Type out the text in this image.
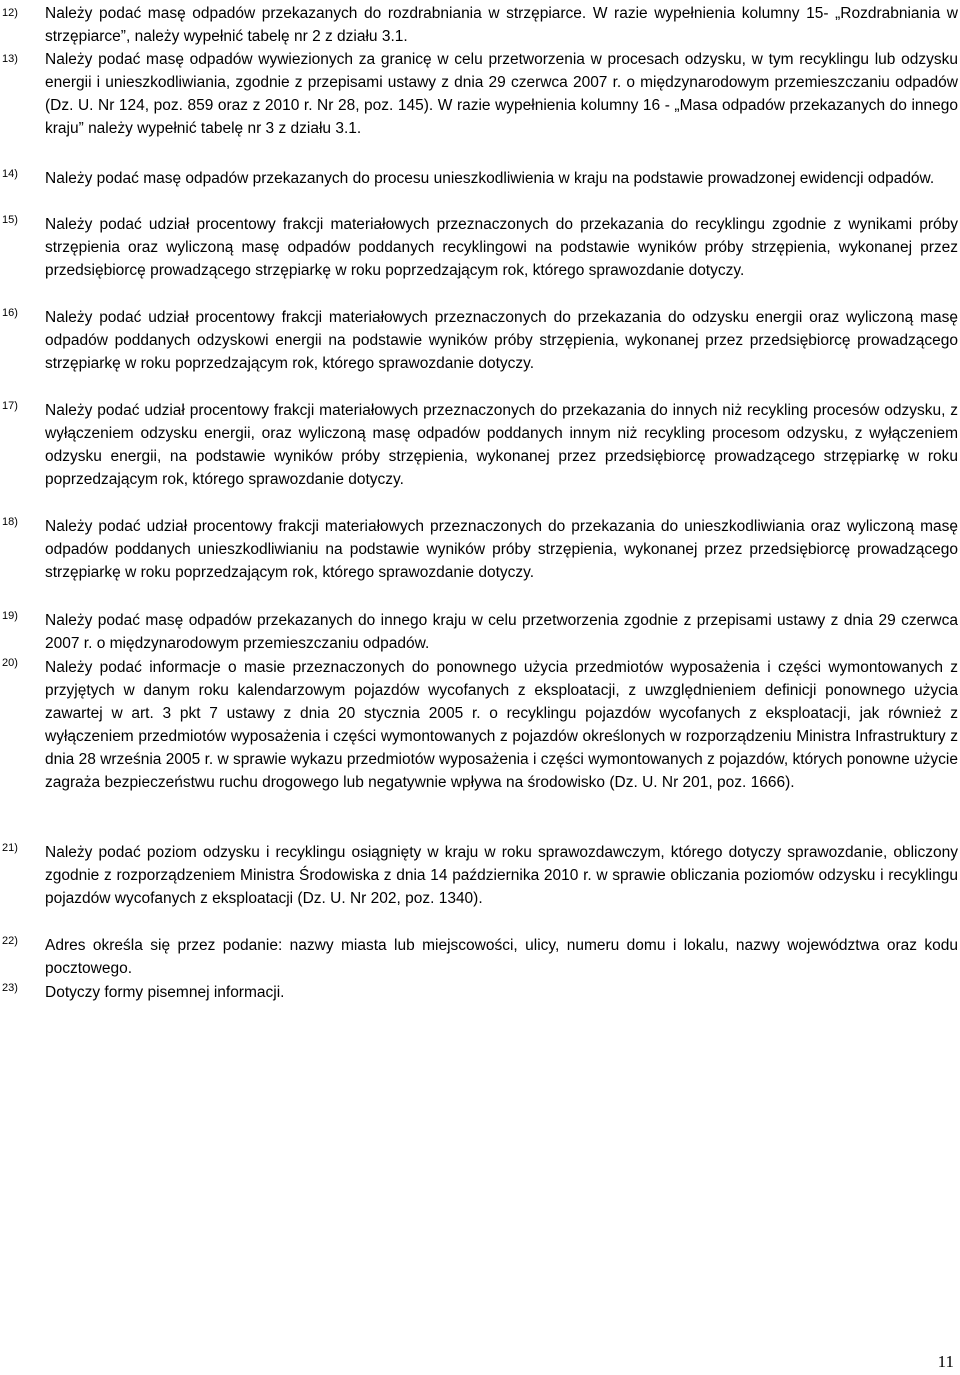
12) Należy podać masę odpadów przekazanych do rozdrabniania w strzępiarce. W razie wypełnienia kolumny 15- „Rozdrabniania w strzępiarce”, należy wypełnić tabelę nr 2 z działu 3.1.

13) Należy podać masę odpadów wywiezionych za granicę w celu przetworzenia w procesach odzysku, w tym recyklingu lub odzysku energii i unieszkodliwiania, zgodnie z przepisami ustawy z dnia 29 czerwca 2007 r. o międzynarodowym przemieszczaniu odpadów (Dz. U. Nr 124, poz. 859 oraz z 2010 r. Nr 28, poz. 145). W razie wypełnienia kolumny 16 - „Masa odpadów przekazanych do innego kraju” należy wypełnić tabelę nr 3 z działu 3.1.

14) Należy podać masę odpadów przekazanych do procesu unieszkodliwienia w kraju na podstawie prowadzonej ewidencji odpadów.

15) Należy podać udział procentowy frakcji materiałowych przeznaczonych do przekazania do recyklingu zgodnie z wynikami próby strzępienia oraz wyliczoną masę odpadów poddanych recyklingowi na podstawie wyników próby strzępienia, wykonanej przez przedsiębiorcę prowadzącego strzępiarkę w roku poprzedzającym rok, którego sprawozdanie dotyczy.

16) Należy podać udział procentowy frakcji materiałowych przeznaczonych do przekazania do odzysku energii oraz wyliczoną masę odpadów poddanych odzyskowi energii na podstawie wyników próby strzępienia, wykonanej przez przedsiębiorcę prowadzącego strzępiarkę w roku poprzedzającym rok, którego sprawozdanie dotyczy.

17) Należy podać udział procentowy frakcji materiałowych przeznaczonych do przekazania do innych niż recykling procesów odzysku, z wyłączeniem odzysku energii, oraz wyliczoną masę odpadów poddanych innym niż recykling procesom odzysku, z wyłączeniem odzysku energii, na podstawie wyników próby strzępienia, wykonanej przez przedsiębiorcę prowadzącego strzępiarkę w roku poprzedzającym rok, którego sprawozdanie dotyczy.

18) Należy podać udział procentowy frakcji materiałowych przeznaczonych do przekazania do unieszkodliwiania oraz wyliczoną masę odpadów poddanych unieszkodliwianiu na podstawie wyników próby strzępienia, wykonanej przez przedsiębiorcę prowadzącego strzępiarkę w roku poprzedzającym rok, którego sprawozdanie dotyczy.

19) Należy podać masę odpadów przekazanych do innego kraju w celu przetworzenia zgodnie z przepisami ustawy z dnia 29 czerwca 2007 r. o międzynarodowym przemieszczaniu odpadów.

20) Należy podać informacje o masie przeznaczonych do ponownego użycia przedmiotów wyposażenia i części wymontowanych z przyjętych w danym roku kalendarzowym pojazdów wycofanych z eksploatacji, z uwzględnieniem definicji ponownego użycia zawartej w art. 3 pkt 7 ustawy z dnia 20 stycznia 2005 r. o recyklingu pojazdów wycofanych z eksploatacji, jak również z wyłączeniem przedmiotów wyposażenia i części wymontowanych z pojazdów określonych w rozporządzeniu Ministra Infrastruktury z dnia 28 września 2005 r. w sprawie wykazu przedmiotów wyposażenia i części wymontowanych z pojazdów, których ponowne użycie zagraża bezpieczeństwu ruchu drogowego lub negatywnie wpływa na środowisko (Dz. U. Nr 201, poz. 1666).

21) Należy podać poziom odzysku i recyklingu osiągnięty w kraju w roku sprawozdawczym, którego dotyczy sprawozdanie, obliczony zgodnie z rozporządzeniem Ministra Środowiska z dnia 14 października 2010 r. w sprawie obliczania poziomów odzysku i recyklingu pojazdów wycofanych z eksploatacji (Dz. U. Nr 202, poz. 1340).

22) Adres określa się przez podanie: nazwy miasta lub miejscowości, ulicy, numeru domu i lokalu, nazwy województwa oraz kodu pocztowego.

23) Dotyczy formy pisemnej informacji.

11
